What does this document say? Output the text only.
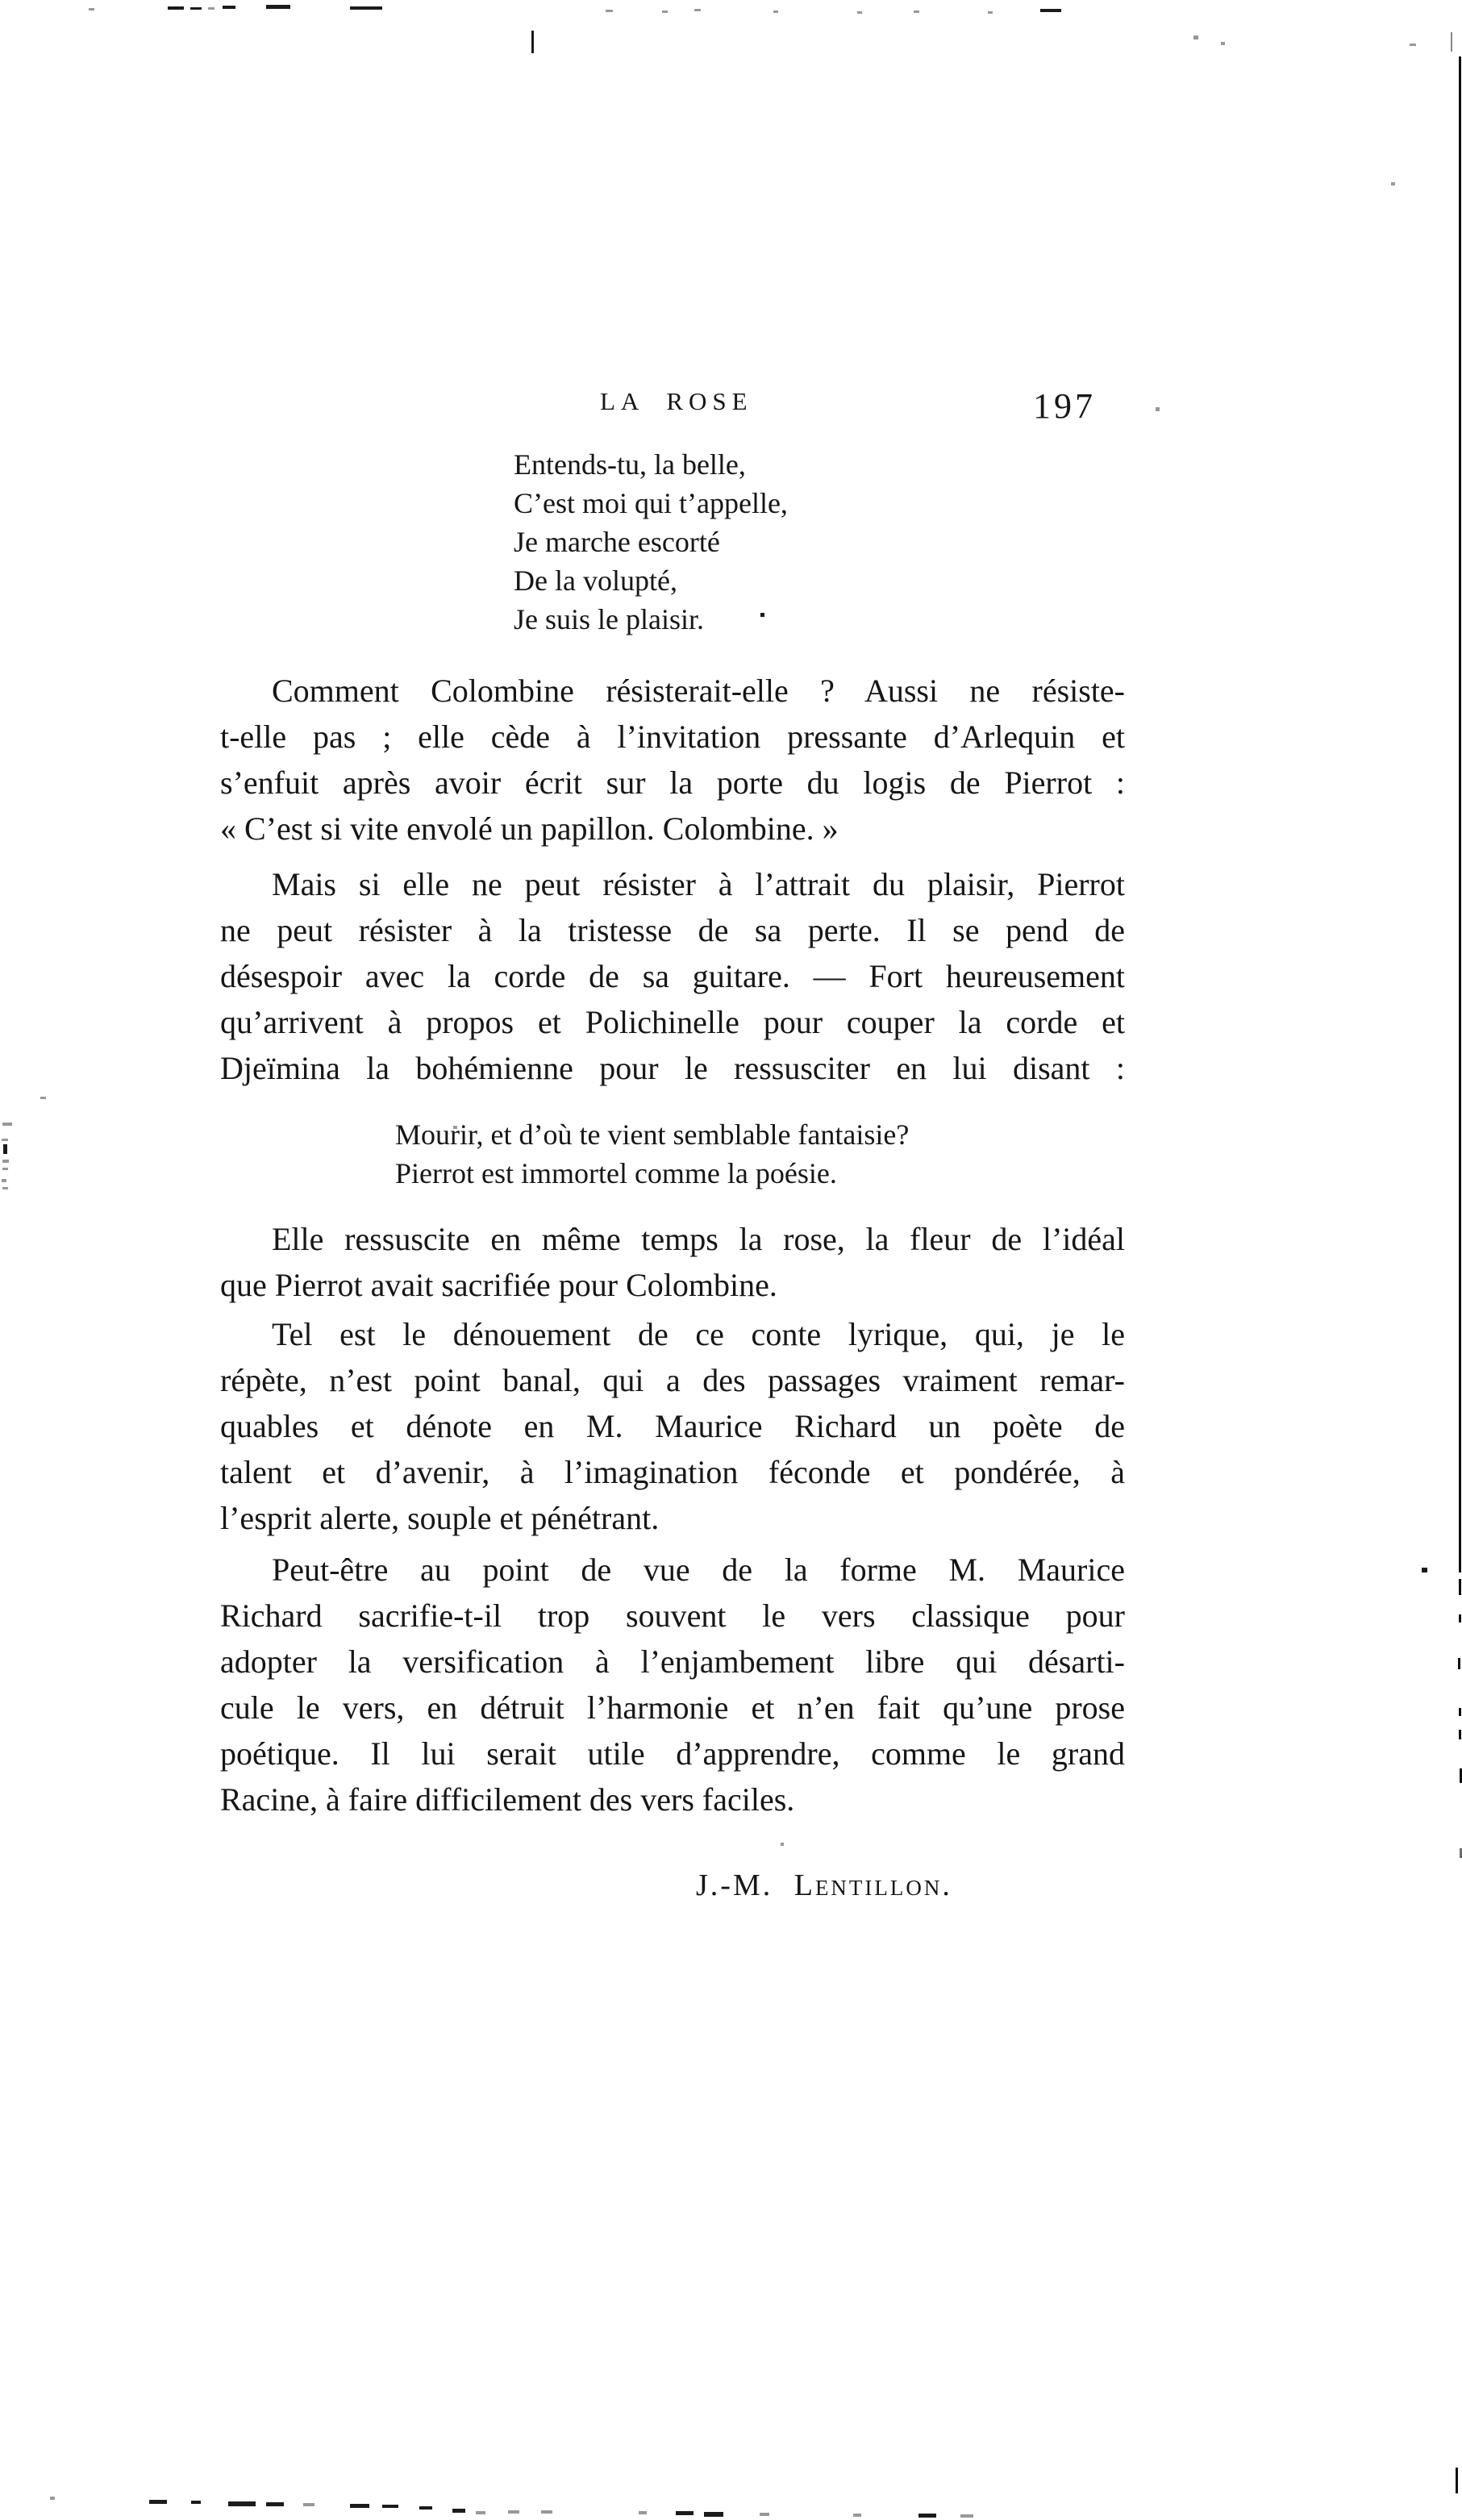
LA ROSE	197
Entends-tu, la belle,
C’est moi qui t’appelle,
Je marche escorté
De la volupté,
Je suis le plaisir.
Comment Colombine résisterait-elle ? Aussi ne résiste-
t-elle pas ; elle cède à l’invitation pressante d’Arlequin et
s’enfuit après avoir écrit sur la porte du logis de Pierrot :
« C’est si vite envolé un papillon. Colombine. »
Mais si elle ne peut résister à l’attrait du plaisir, Pierrot
ne peut résister à la tristesse de sa perte. Il se pend de
désespoir avec la corde de sa guitare. — Fort heureusement
qu’arrivent à propos et Polichinelle pour couper la corde et
Djeïmina la bohémienne pour le ressusciter en lui disant :
Mourir, et d’où te vient semblable fantaisie?
Pierrot est immortel comme la poésie.
Elle ressuscite en même temps la rose, la fleur de l’idéal
que Pierrot avait sacrifiée pour Colombine.
Tel est le dénouement de ce conte lyrique, qui, je le
répète, n’est point banal, qui a des passages vraiment remar-
quables et dénote en M. Maurice Richard un poète de
talent et d’avenir, à l’imagination féconde et pondérée, à
l’esprit alerte, souple et pénétrant.
Peut-être au point de vue de la forme M. Maurice
Richard sacrifie-t-il trop souvent le vers classique pour
adopter la versification à l’enjambement libre qui désarti-
cule le vers, en détruit l’harmonie et n’en fait qu’une prose
poétique. Il lui serait utile d’apprendre, comme le grand
Racine, à faire difficilement des vers faciles.
J.-M. Lentillon.
